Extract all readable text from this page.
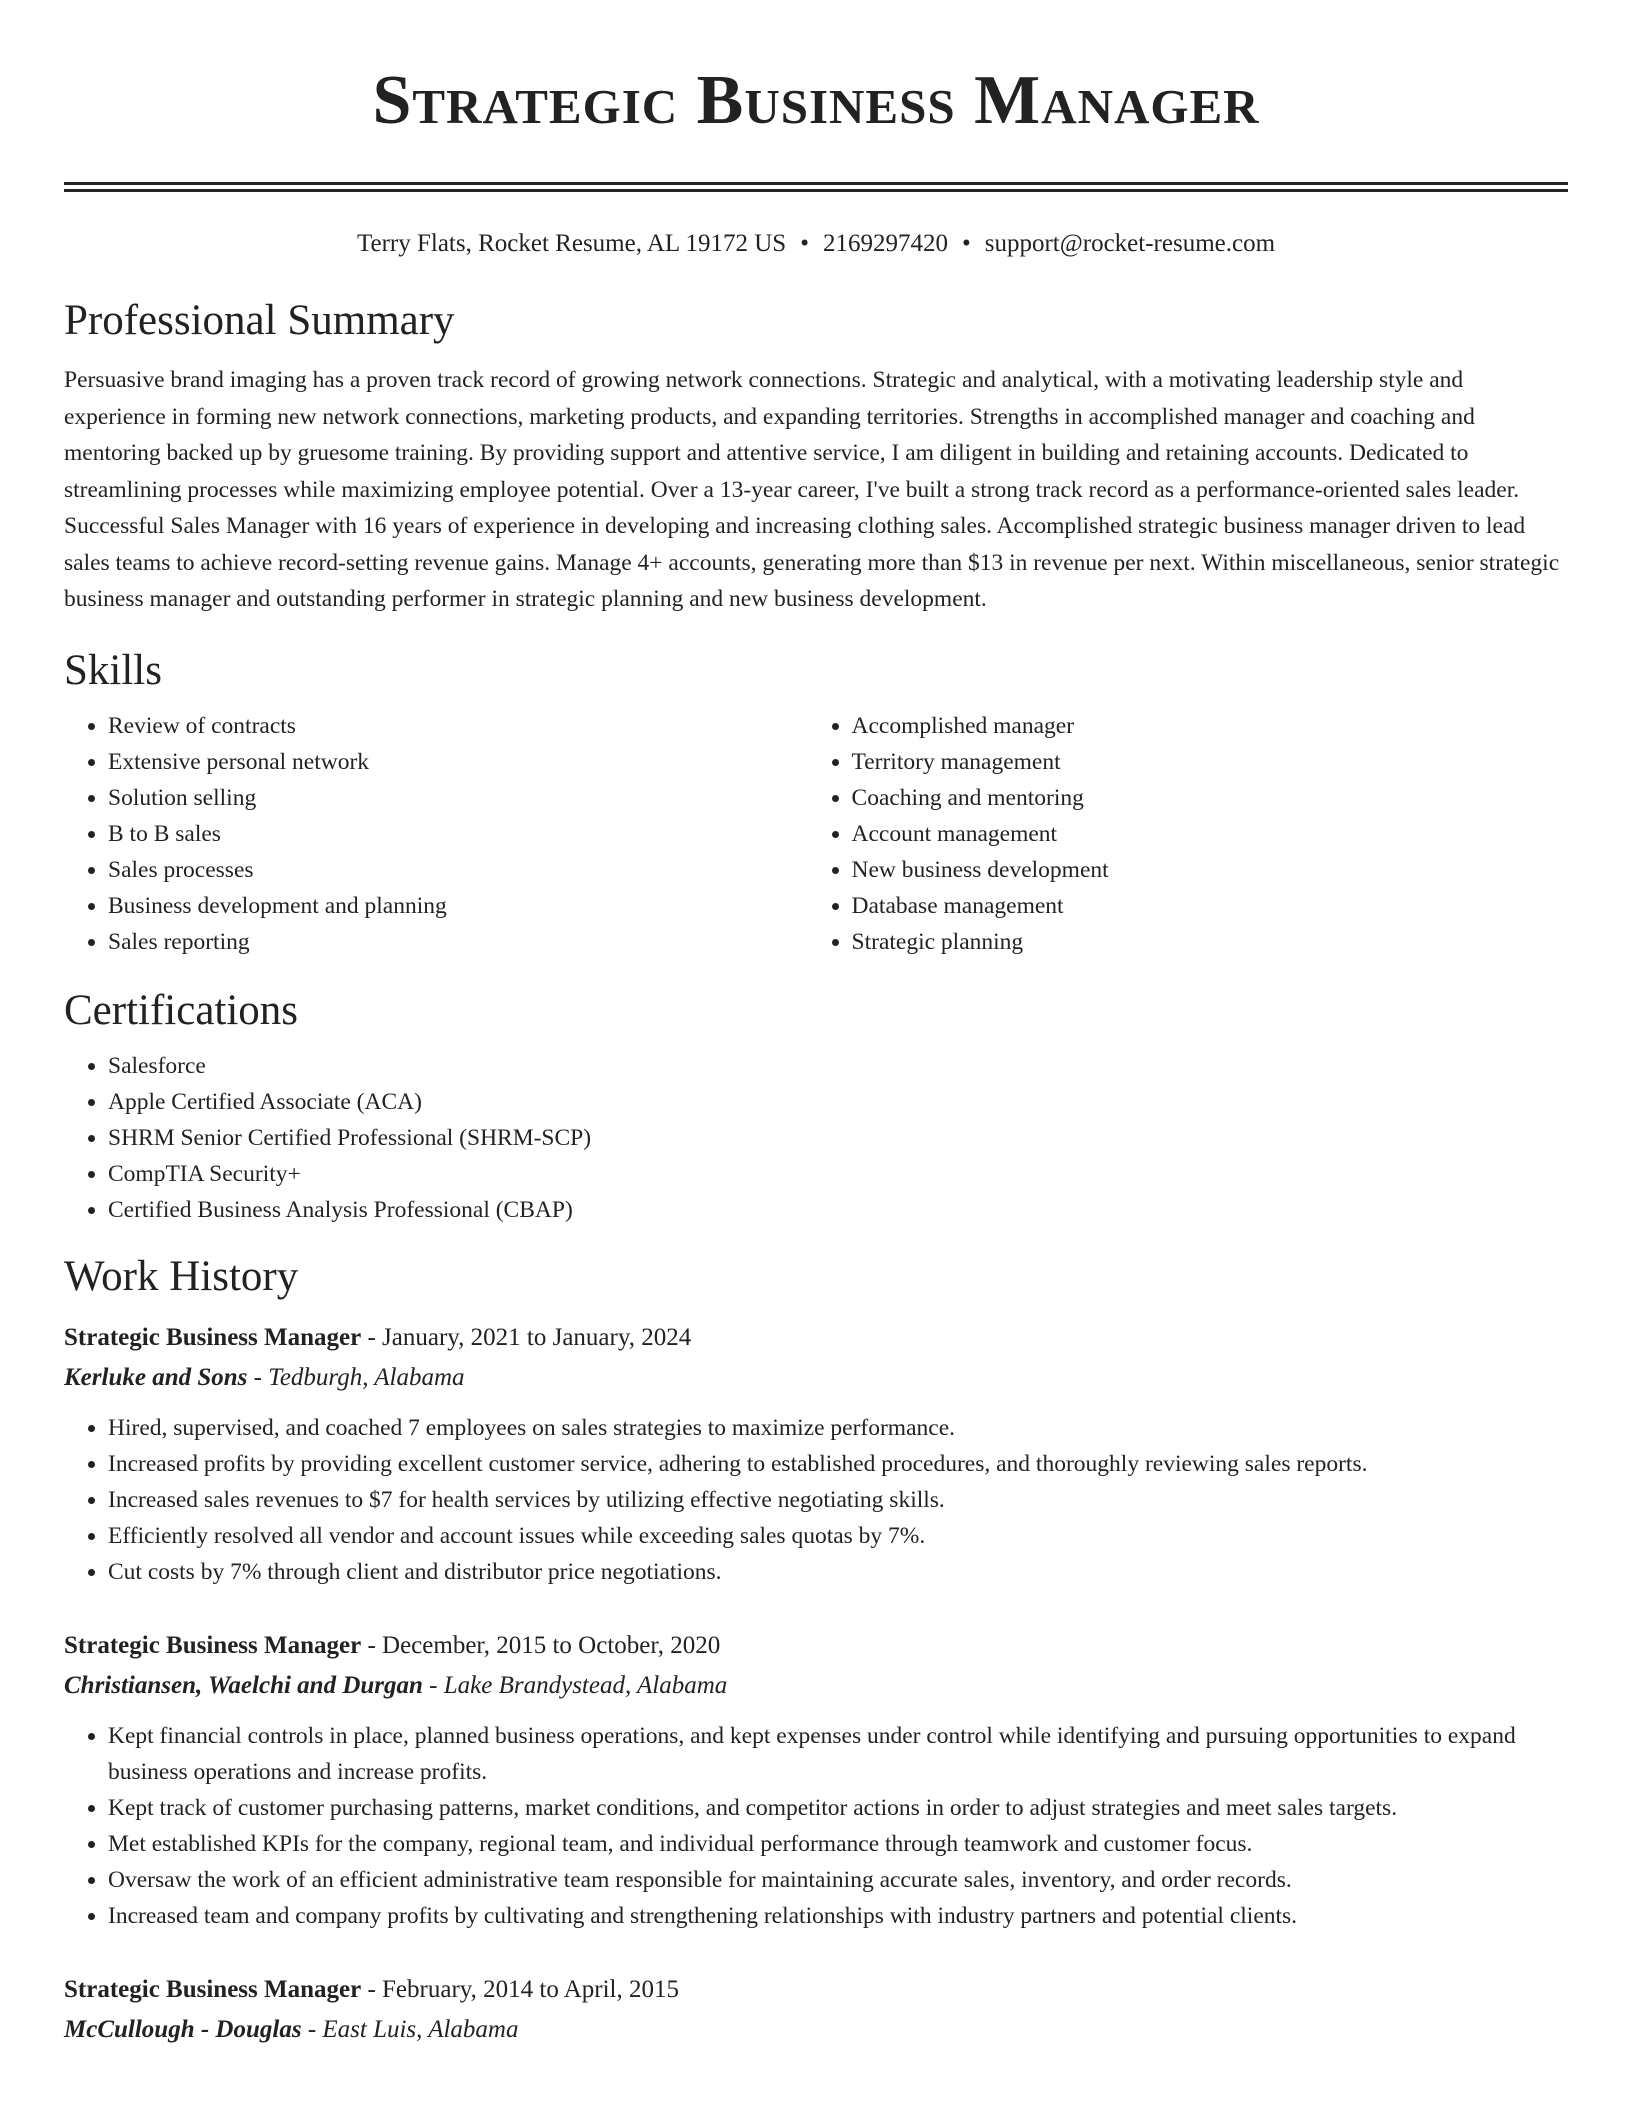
Strategic Business Manager
Terry Flats, Rocket Resume, AL 19172 US • 2169297420 • support@rocket-resume.com
Professional Summary

Persuasive brand imaging has a proven track record of growing network connections. Strategic and analytical, with a motivating leadership style and experience in forming new network connections, marketing products, and expanding territories. Strengths in accomplished manager and coaching and mentoring backed up by gruesome training. By providing support and attentive service, I am diligent in building and retaining accounts. Dedicated to streamlining processes while maximizing employee potential. Over a 13-year career, I've built a strong track record as a performance-oriented sales leader. Successful Sales Manager with 16 years of experience in developing and increasing clothing sales. Accomplished strategic business manager driven to lead sales teams to achieve record-setting revenue gains. Manage 4+ accounts, generating more than $13 in revenue per next. Within miscellaneous, senior strategic business manager and outstanding performer in strategic planning and new business development.

Skills
• Review of contracts
• Extensive personal network
• Solution selling
• B to B sales
• Sales processes
• Business development and planning
• Sales reporting
• Accomplished manager
• Territory management
• Coaching and mentoring
• Account management
• New business development
• Database management
• Strategic planning
Certifications
• Salesforce
• Apple Certified Associate (ACA)
• SHRM Senior Certified Professional (SHRM-SCP)
• CompTIA Security+
• Certified Business Analysis Professional (CBAP)
Work History
Strategic Business Manager - January, 2021 to January, 2024
Kerluke and Sons - Tedburgh, Alabama
• Hired, supervised, and coached 7 employees on sales strategies to maximize performance.
• Increased profits by providing excellent customer service, adhering to established procedures, and thoroughly reviewing sales reports.
• Increased sales revenues to $7 for health services by utilizing effective negotiating skills.
• Efficiently resolved all vendor and account issues while exceeding sales quotas by 7%.
• Cut costs by 7% through client and distributor price negotiations.
Strategic Business Manager - December, 2015 to October, 2020
Christiansen, Waelchi and Durgan - Lake Brandystead, Alabama
• Kept financial controls in place, planned business operations, and kept expenses under control while identifying and pursuing opportunities to expand business operations and increase profits.
• Kept track of customer purchasing patterns, market conditions, and competitor actions in order to adjust strategies and meet sales targets.
• Met established KPIs for the company, regional team, and individual performance through teamwork and customer focus.
• Oversaw the work of an efficient administrative team responsible for maintaining accurate sales, inventory, and order records.
• Increased team and company profits by cultivating and strengthening relationships with industry partners and potential clients.
Strategic Business Manager - February, 2014 to April, 2015
McCullough - Douglas - East Luis, Alabama
